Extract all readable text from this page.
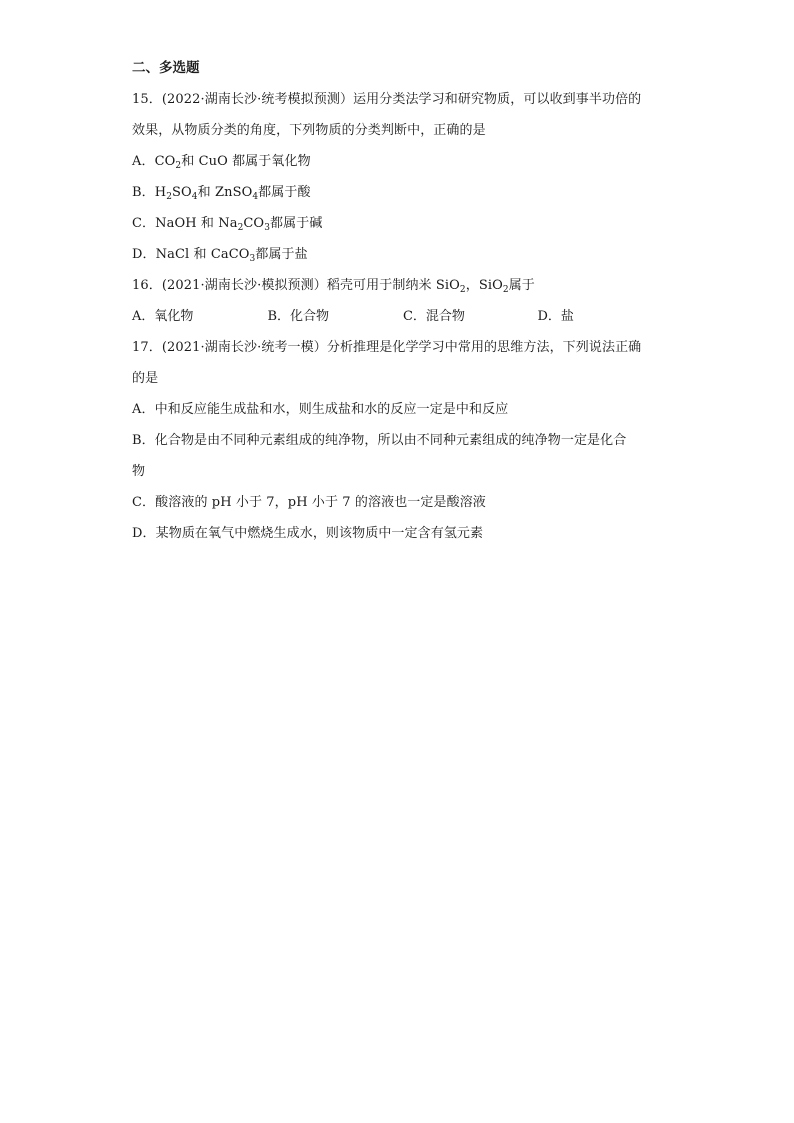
二、多选题
15．(2022·湖南长沙·统考模拟预测）运用分类法学习和研究物质，可以收到事半功倍的
效果，从物质分类的角度，下列物质的分类判断中，正确的是
A．$CO_2$和 CuO 都属于氧化物
B．$H_2SO_4$和 ZnSO$_4$都属于酸
C．NaOH 和 $Na_2CO_3$都属于碱
D．NaCl 和 CaCO$_3$都属于盐
16．(2021·湖南长沙·模拟预测）稻壳可用于制纳米 SiO$_2$，SiO$_2$属于
A．氧化物	B．化合物	C．混合物	D．盐
17．(2021·湖南长沙·统考一模）分析推理是化学学习中常用的思维方法，下列说法正确
的是
A．中和反应能生成盐和水，则生成盐和水的反应一定是中和反应
B．化合物是由不同种元素组成的纯净物，所以由不同种元素组成的纯净物一定是化合
物
C．酸溶液的 pH 小于 7，pH 小于 7 的溶液也一定是酸溶液
D．某物质在氧气中燃烧生成水，则该物质中一定含有氢元素
